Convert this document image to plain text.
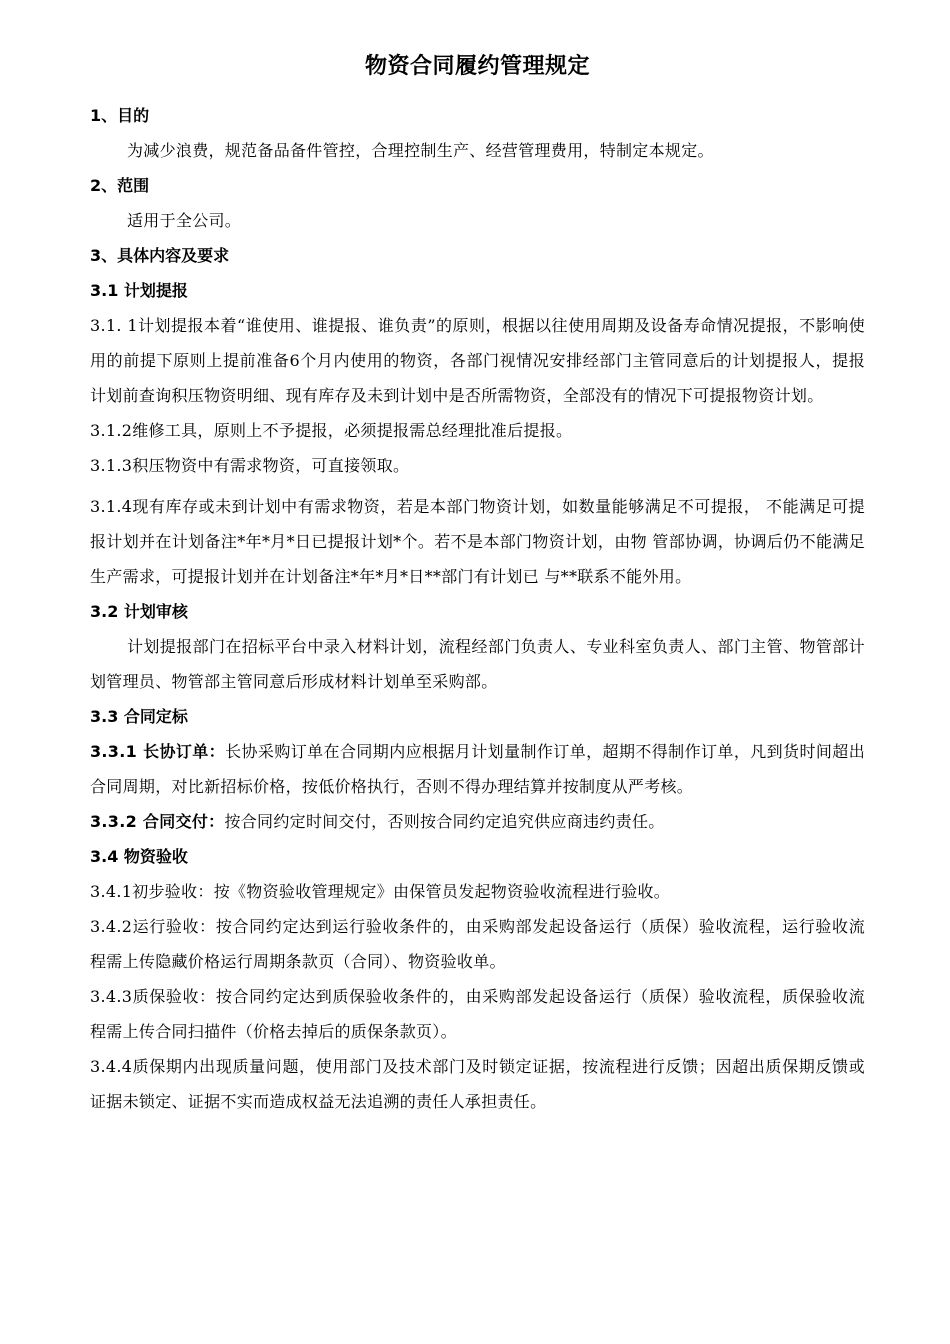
物资合同履约管理规定
1、目的
为减少浪费，规范备品备件管控，合理控制生产、经营管理费用，特制定本规定。
2、范围
适用于全公司。
3、具体内容及要求
3.1 计划提报
3.1. 1计划提报本着“谁使用、谁提报、谁负责”的原则，根据以往使用周期及设备寿命情况提报，不影响使用的前提下原则上提前准备6个月内使用的物资，各部门视情况安排经部门主管同意后的计划提报人，提报计划前查询积压物资明细、现有库存及未到计划中是否所需物资，全部没有的情况下可提报物资计划。
3.1.2维修工具，原则上不予提报，必须提报需总经理批准后提报。
3.1.3积压物资中有需求物资，可直接领取。
3.1.4现有库存或未到计划中有需求物资，若是本部门物资计划，如数量能够满足不可提报， 不能满足可提报计划并在计划备注*年*月*日已提报计划*个。若不是本部门物资计划，由物 管部协调，协调后仍不能满足生产需求，可提报计划并在计划备注*年*月*日**部门有计划已 与**联系不能外用。
3.2 计划审核
计划提报部门在招标平台中录入材料计划，流程经部门负责人、专业科室负责人、部门主管、物管部计划管理员、物管部主管同意后形成材料计划单至采购部。
3.3 合同定标
3.3.1 长协订单：长协采购订单在合同期内应根据月计划量制作订单，超期不得制作订单，凡到货时间超出合同周期，对比新招标价格，按低价格执行，否则不得办理结算并按制度从严考核。
3.3.2 合同交付：按合同约定时间交付，否则按合同约定追究供应商违约责任。
3.4 物资验收
3.4.1初步验收：按《物资验收管理规定》由保管员发起物资验收流程进行验收。
3.4.2运行验收：按合同约定达到运行验收条件的，由采购部发起设备运行（质保）验收流程，运行验收流程需上传隐藏价格运行周期条款页（合同）、物资验收单。
3.4.3质保验收：按合同约定达到质保验收条件的，由采购部发起设备运行（质保）验收流程，质保验收流程需上传合同扫描件（价格去掉后的质保条款页）。
3.4.4质保期内出现质量问题，使用部门及技术部门及时锁定证据，按流程进行反馈；因超出质保期反馈或证据未锁定、证据不实而造成权益无法追溯的责任人承担责任。
